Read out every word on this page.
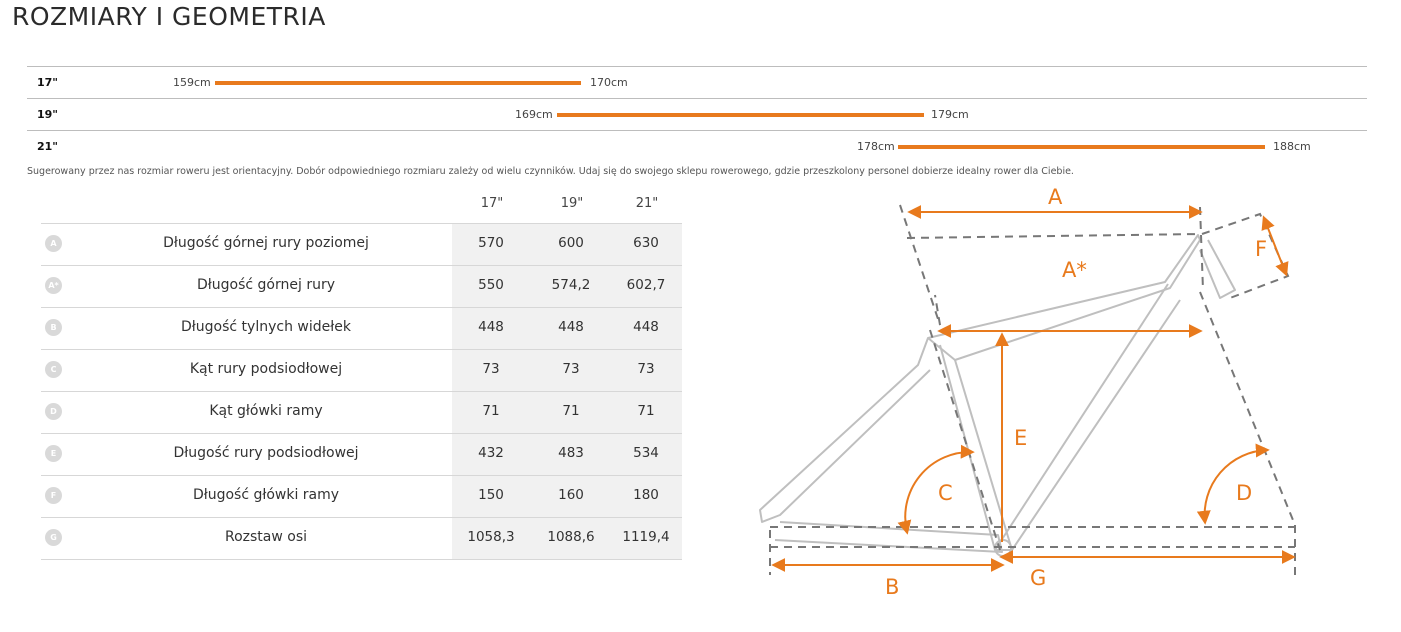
ROZMIARY I GEOMETRIA
17"	159cm	170cm
19"	169cm	179cm
21"	178cm	188cm
Sugerowany przez nas rozmiar roweru jest orientacyjny. Dobór odpowiedniego rozmiaru zależy od wielu czynników. Udaj się do swojego sklepu rowerowego, gdzie przeszkolony personel dobierze idealny rower dla Ciebie.
17"	19"	21"
A	Długość górnej rury poziomej	570	600	630
A*	Długość górnej rury	550	574,2	602,7
B	Długość tylnych widełek	448	448	448
C	Kąt rury podsiodłowej	73	73	73
D	Kąt główki ramy	71	71	71
E	Długość rury podsiodłowej	432	483	534
F	Długość główki ramy	150	160	180
G	Rozstaw osi	1058,3	1088,6	1119,4
A
A*
E
F
C	D
B	G
